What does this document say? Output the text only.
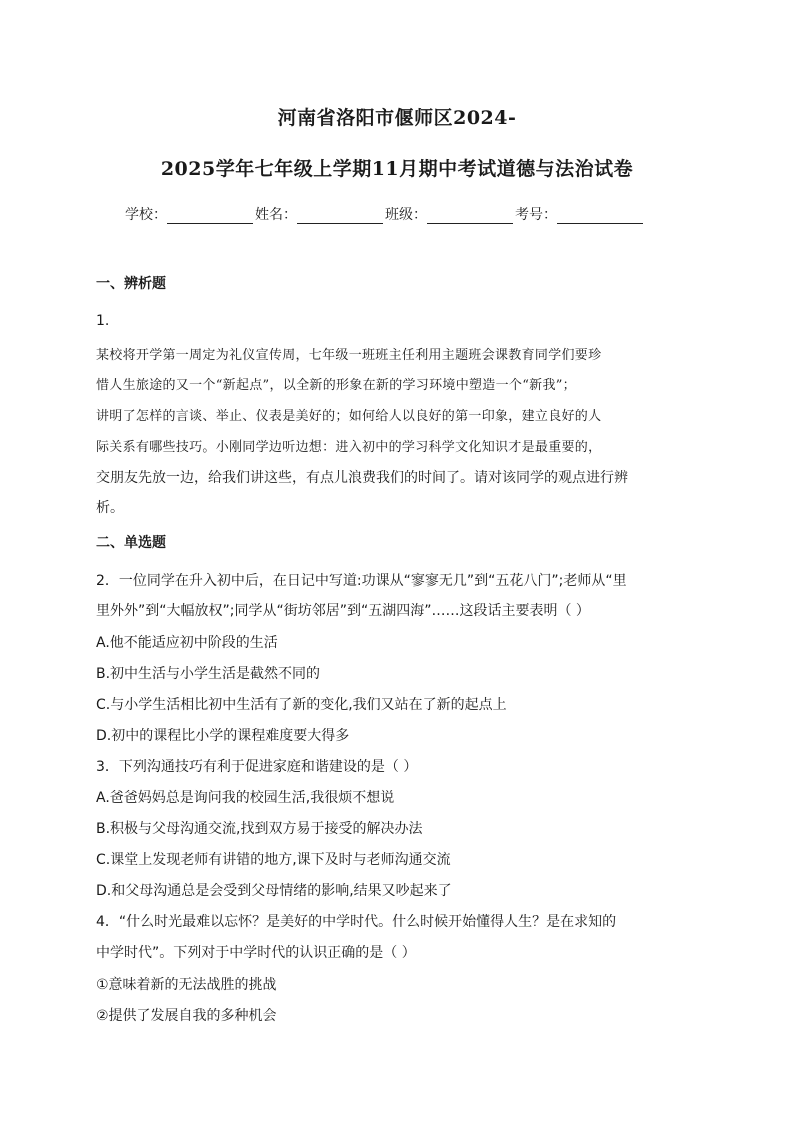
河南省洛阳市偃师区2024-
2025学年七年级上学期11月期中考试道德与法治试卷
学校：	姓名：	班级：	考号：
一、辨析题
1.
某校将开学第一周定为礼仪宣传周，七年级一班班主任利用主题班会课教育同学们要珍
惜人生旅途的又一个“新起点”，以全新的形象在新的学习环境中塑造一个“新我”；
讲明了怎样的言谈、举止、仪表是美好的；如何给人以良好的第一印象，建立良好的人
际关系有哪些技巧。小刚同学边听边想：进入初中的学习科学文化知识才是最重要的，
交朋友先放一边，给我们讲这些，有点儿浪费我们的时间了。请对该同学的观点进行辨
析。
二、单选题
2．一位同学在升入初中后，在日记中写道:功课从“寥寥无几”到“五花八门”;老师从“里
里外外”到“大幅放权”;同学从“街坊邻居”到“五湖四海”……这段话主要表明（ ）
A.他不能适应初中阶段的生活
B.初中生活与小学生活是截然不同的
C.与小学生活相比初中生活有了新的变化,我们又站在了新的起点上
D.初中的课程比小学的课程难度要大得多
3．下列沟通技巧有利于促进家庭和谐建设的是（ ）
A.爸爸妈妈总是询问我的校园生活,我很烦不想说
B.积极与父母沟通交流,找到双方易于接受的解决办法
C.课堂上发现老师有讲错的地方,课下及时与老师沟通交流
D.和父母沟通总是会受到父母情绪的影响,结果又吵起来了
4．“什么时光最难以忘怀？是美好的中学时代。什么时候开始懂得人生？是在求知的
中学时代”。下列对于中学时代的认识正确的是（ ）
①意味着新的无法战胜的挑战
②提供了发展自我的多种机会
